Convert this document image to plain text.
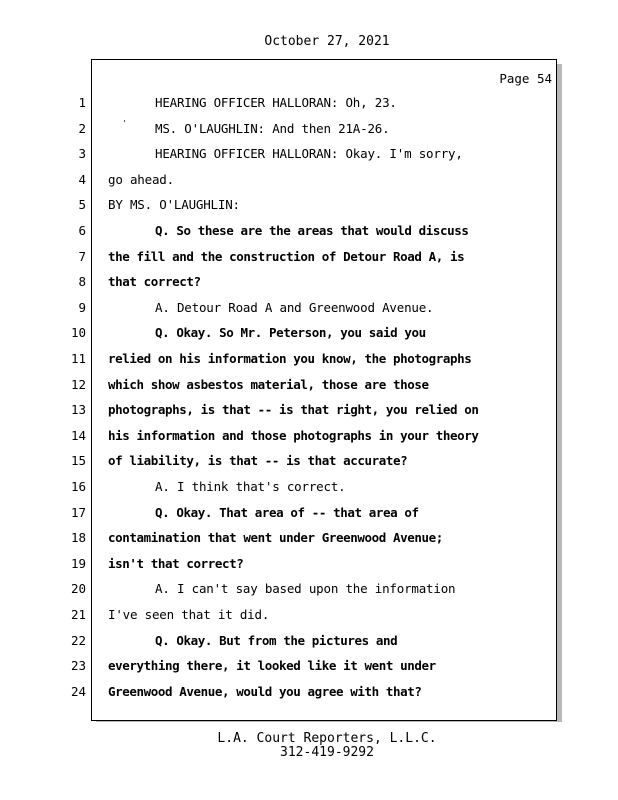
October 27, 2021
Page 54
'
1	HEARING OFFICER HALLORAN: Oh, 23.
2	MS. O'LAUGHLIN: And then 21A-26.
3	HEARING OFFICER HALLORAN: Okay. I'm sorry,
4 go ahead.
5 BY MS. O'LAUGHLIN:
6	Q. So these are the areas that would discuss
7 the fill and the construction of Detour Road A, is
8 that correct?
9	A. Detour Road A and Greenwood Avenue.
10	Q. Okay. So Mr. Peterson, you said you
11 relied on his information you know, the photographs
12 which show asbestos material, those are those
13 photographs, is that -- is that right, you relied on
14 his information and those photographs in your theory
15 of liability, is that -- is that accurate?
16	A. I think that's correct.
17	Q. Okay. That area of -- that area of
18 contamination that went under Greenwood Avenue;
19 isn't that correct?
20	A. I can't say based upon the information
21 I've seen that it did.
22	Q. Okay. But from the pictures and
23 everything there, it looked like it went under
24 Greenwood Avenue, would you agree with that?
L.A. Court Reporters, L.L.C.
312-419-9292
